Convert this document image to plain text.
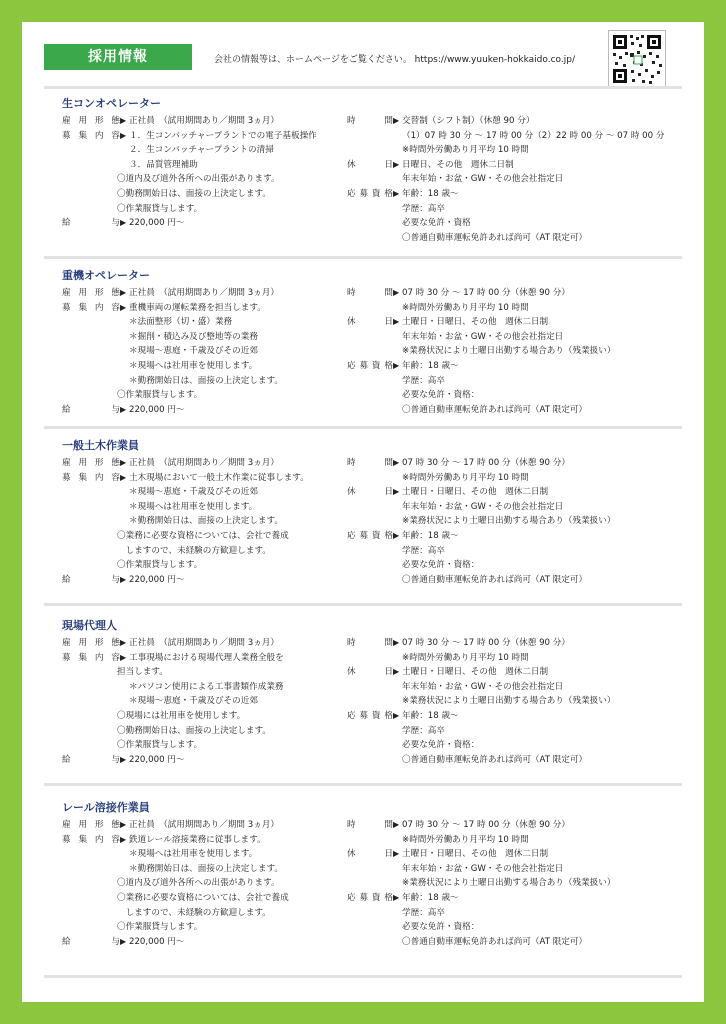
採用情報	会社の情報等は、ホームページをご覧ください。 https://www.yuuken-hokkaido.co.jp/
生コンオペレーター
雇用形態 ▶ 正社員　（試用期間あり／期間 3ヵ月）
募集内容 ▶ １．生コンバッチャープラントでの電子基板操作
２．生コンバッチャープラントの清掃
３．品質管理補助
〇道内及び道外各所への出張があります。
〇勤務開始日は、面接の上決定します。
〇作業服貸与します。
給　　与 ▶ 220,000 円〜
時　　間 ▶ 交替制（シフト制）（休憩 90 分）
（1）07 時 30 分 〜 17 時 00 分（2）22 時 00 分 〜 07 時 00 分
※時間外労働あり月平均 10 時間
休　　日 ▶ 日曜日、その他　週休二日制
年末年始・お盆・GW・その他会社指定日
応募資格 ▶ 年齢：18 歳〜
学歴：高卒
必要な免許・資格
〇普通自動車運転免許あれば尚可（AT 限定可）
重機オペレーター
雇用形態 ▶ 正社員　（試用期間あり／期間 3ヵ月）
募集内容 ▶ 重機車両の運転業務を担当します。
＊法面整形（切・盛）業務
＊掘削・積込み及び整地等の業務
＊現場〜恵庭・千歳及びその近郊
＊現場へは社用車を使用します。
＊勤務開始日は、面接の上決定します。
〇作業服貸与します。
給　　与 ▶ 220,000 円〜
時　　間 ▶ 07 時 30 分 〜 17 時 00 分（休憩 90 分）
※時間外労働あり月平均 10 時間
休　　日 ▶ 土曜日・日曜日、その他　週休二日制
年末年始・お盆・GW・その他会社指定日
※業務状況により土曜日出勤する場合あり（残業扱い）
応募資格 ▶ 年齢：18 歳〜
学歴：高卒
必要な免許・資格：
〇普通自動車運転免許あれば尚可（AT 限定可）
一般土木作業員
雇用形態 ▶ 正社員　（試用期間あり／期間 3ヵ月）
募集内容 ▶ 土木現場において一般土木作業に従事します。
＊現場〜恵庭・千歳及びその近郊
＊現場へは社用車を使用します。
＊勤務開始日は、面接の上決定します。
〇業務に必要な資格については、会社で養成
　しますので、未経験の方歓迎します。
〇作業服貸与します。
給　　与 ▶ 220,000 円〜
時　　間 ▶ 07 時 30 分 〜 17 時 00 分（休憩 90 分）
※時間外労働あり月平均 10 時間
休　　日 ▶ 土曜日・日曜日、その他　週休二日制
年末年始・お盆・GW・その他会社指定日
※業務状況により土曜日出勤する場合あり（残業扱い）
応募資格 ▶ 年齢：18 歳〜
学歴：高卒
必要な免許・資格：
〇普通自動車運転免許あれば尚可（AT 限定可）
現場代理人
雇用形態 ▶ 正社員　（試用期間あり／期間 3ヵ月）
募集内容 ▶ 工事現場における現場代理人業務全般を
担当します。
＊パソコン使用による工事書類作成業務
＊現場〜恵庭・千歳及びその近郊
〇現場には社用車を使用します。
〇勤務開始日は、面接の上決定します。
〇作業服貸与します。
給　　与 ▶ 220,000 円〜
時　　間 ▶ 07 時 30 分 〜 17 時 00 分（休憩 90 分）
※時間外労働あり月平均 10 時間
休　　日 ▶ 土曜日・日曜日、その他　週休二日制
年末年始・お盆・GW・その他会社指定日
※業務状況により土曜日出勤する場合あり（残業扱い）
応募資格 ▶ 年齢：18 歳〜
学歴：高卒
必要な免許・資格：
〇普通自動車運転免許あれば尚可（AT 限定可）
レール溶接作業員
雇用形態 ▶ 正社員　（試用期間あり／期間 3ヵ月）
募集内容 ▶ 鉄道レール溶接業務に従事します。
＊現場へは社用車を使用します。
＊勤務開始日は、面接の上決定します。
〇道内及び道外各所への出張があります。
〇業務に必要な資格については、会社で養成
　しますので、未経験の方歓迎します。
〇作業服貸与します。
給　　与 ▶ 220,000 円〜
時　　間 ▶ 07 時 30 分 〜 17 時 00 分（休憩 90 分）
※時間外労働あり月平均 10 時間
休　　日 ▶ 土曜日・日曜日、その他　週休二日制
年末年始・お盆・GW・その他会社指定日
※業務状況により土曜日出勤する場合あり（残業扱い）
応募資格 ▶ 年齢：18 歳〜
学歴：高卒
必要な免許・資格：
〇普通自動車運転免許あれば尚可（AT 限定可）
